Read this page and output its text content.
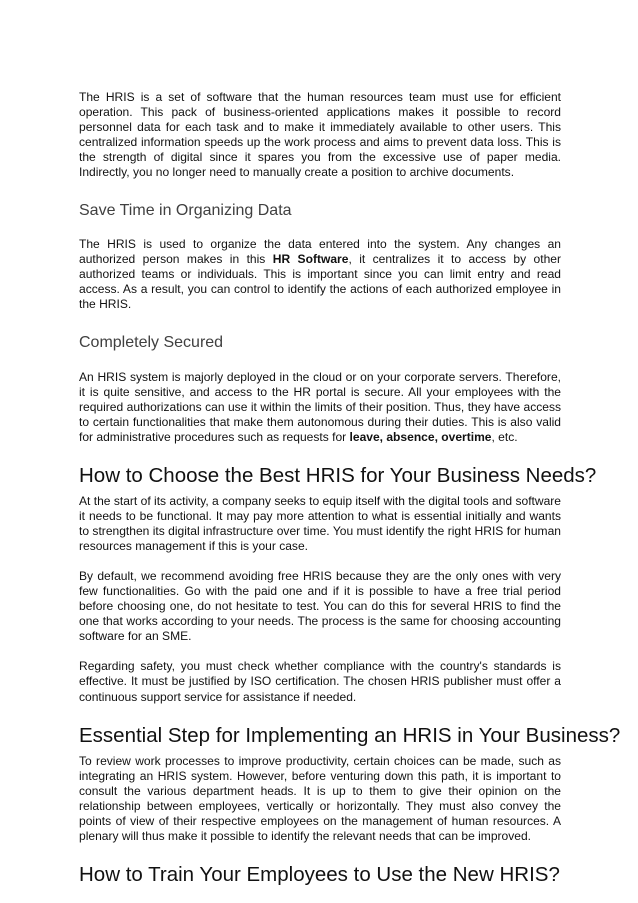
The HRIS is a set of software that the human resources team must use for efficient operation. This pack of business-oriented applications makes it possible to record personnel data for each task and to make it immediately available to other users. This centralized information speeds up the work process and aims to prevent data loss. This is the strength of digital since it spares you from the excessive use of paper media. Indirectly, you no longer need to manually create a position to archive documents.

Save Time in Organizing Data

The HRIS is used to organize the data entered into the system. Any changes an authorized person makes in this HR Software, it centralizes it to access by other authorized teams or individuals. This is important since you can limit entry and read access. As a result, you can control to identify the actions of each authorized employee in the HRIS.

Completely Secured

An HRIS system is majorly deployed in the cloud or on your corporate servers. Therefore, it is quite sensitive, and access to the HR portal is secure. All your employees with the required authorizations can use it within the limits of their position. Thus, they have access to certain functionalities that make them autonomous during their duties. This is also valid for administrative procedures such as requests for leave, absence, overtime, etc.

How to Choose the Best HRIS for Your Business Needs?

At the start of its activity, a company seeks to equip itself with the digital tools and software it needs to be functional. It may pay more attention to what is essential initially and wants to strengthen its digital infrastructure over time. You must identify the right HRIS for human resources management if this is your case.

By default, we recommend avoiding free HRIS because they are the only ones with very few functionalities. Go with the paid one and if it is possible to have a free trial period before choosing one, do not hesitate to test. You can do this for several HRIS to find the one that works according to your needs. The process is the same for choosing accounting software for an SME.

Regarding safety, you must check whether compliance with the country's standards is effective. It must be justified by ISO certification. The chosen HRIS publisher must offer a continuous support service for assistance if needed.

Essential Step for Implementing an HRIS in Your Business?

To review work processes to improve productivity, certain choices can be made, such as integrating an HRIS system. However, before venturing down this path, it is important to consult the various department heads. It is up to them to give their opinion on the relationship between employees, vertically or horizontally. They must also convey the points of view of their respective employees on the management of human resources. A plenary will thus make it possible to identify the relevant needs that can be improved.

How to Train Your Employees to Use the New HRIS?
